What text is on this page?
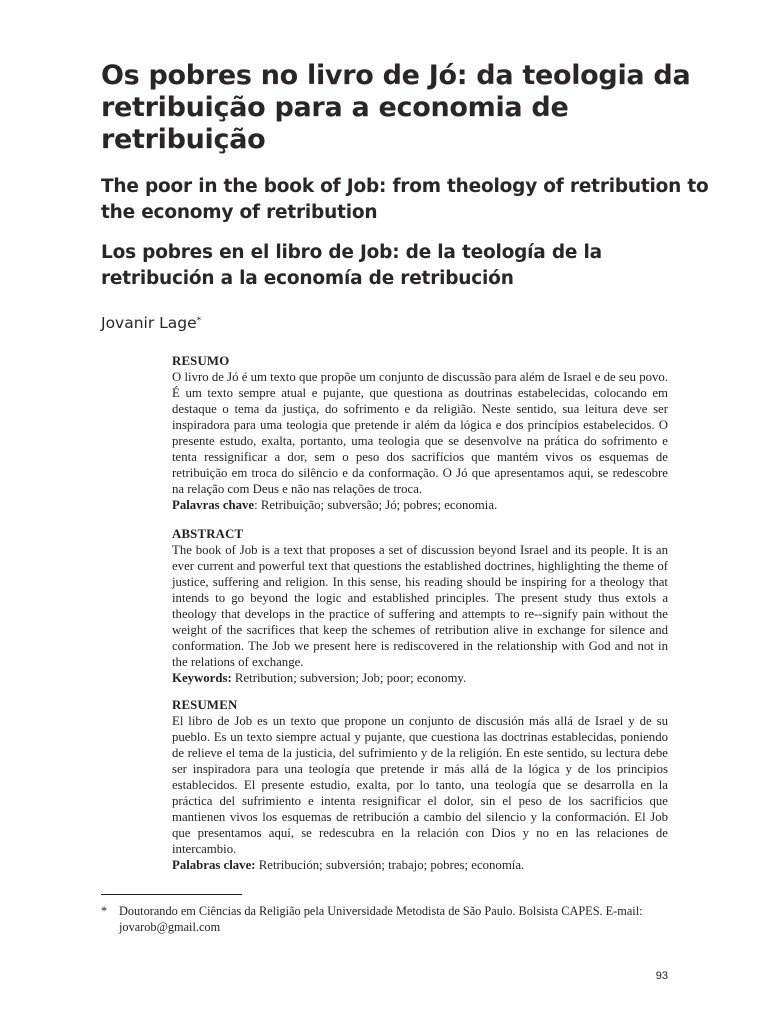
Os pobres no livro de Jó: da teologia da retribuição para a economia de retribuição
The poor in the book of Job: from theology of retribution to the economy of retribution
Los pobres en el libro de Job: de la teología de la retribución a la economía de retribución

Jovanir Lage*

RESUMO

O livro de Jó é um texto que propõe um conjunto de discussão para além de Israel e de seu povo. É um texto sempre atual e pujante, que questiona as doutrinas estabelecidas, colocando em destaque o tema da justiça, do sofrimento e da religião. Neste sentido, sua leitura deve ser inspiradora para uma teologia que pretende ir além da lógica e dos princípios estabelecidos. O presente estudo, exalta, portanto, uma teologia que se desenvolve na prática do sofrimento e tenta ressignificar a dor, sem o peso dos sacrifícios que mantém vivos os esquemas de retribuição em troca do silêncio e da conformação. O Jó que apresentamos aqui, se redescobre na relação com Deus e não nas relações de troca.

Palavras chave: Retribuição; subversão; Jó; pobres; economia.

ABSTRACT

The book of Job is a text that proposes a set of discussion beyond Israel and its people. It is an ever current and powerful text that questions the established doctrines, highlighting the theme of justice, suffering and religion. In this sense, his reading should be inspiring for a theology that intends to go beyond the logic and established principles. The present study thus extols a theology that develops in the practice of suffering and attempts to re--signify pain without the weight of the sacrifices that keep the schemes of retribution alive in exchange for silence and conformation. The Job we present here is rediscovered in the relationship with God and not in the relations of exchange.

Keywords: Retribution; subversion; Job; poor; economy.

RESUMEN

El libro de Job es un texto que propone un conjunto de discusión más allá de Israel y de su pueblo. Es un texto siempre actual y pujante, que cuestiona las doctrinas establecidas, poniendo de relieve el tema de la justicia, del sufrimiento y de la religión. En este sentido, su lectura debe ser inspiradora para una teología que pretende ir más allá de la lógica y de los principios establecidos. El presente estudio, exalta, por lo tanto, una teología que se desarrolla en la práctica del sufrimiento e intenta resignificar el dolor, sin el peso de los sacrificios que mantienen vivos los esquemas de retribución a cambio del silencio y la conformación. El Job que presentamos aquí, se redescubra en la relación con Dios y no en las relaciones de intercambio.

Palabras clave: Retribución; subversión; trabajo; pobres; economía.

* Doutorando em Ciências da Religião pela Universidade Metodista de São Paulo. Bolsista CAPES. E-mail: jovarob@gmail.com
93
